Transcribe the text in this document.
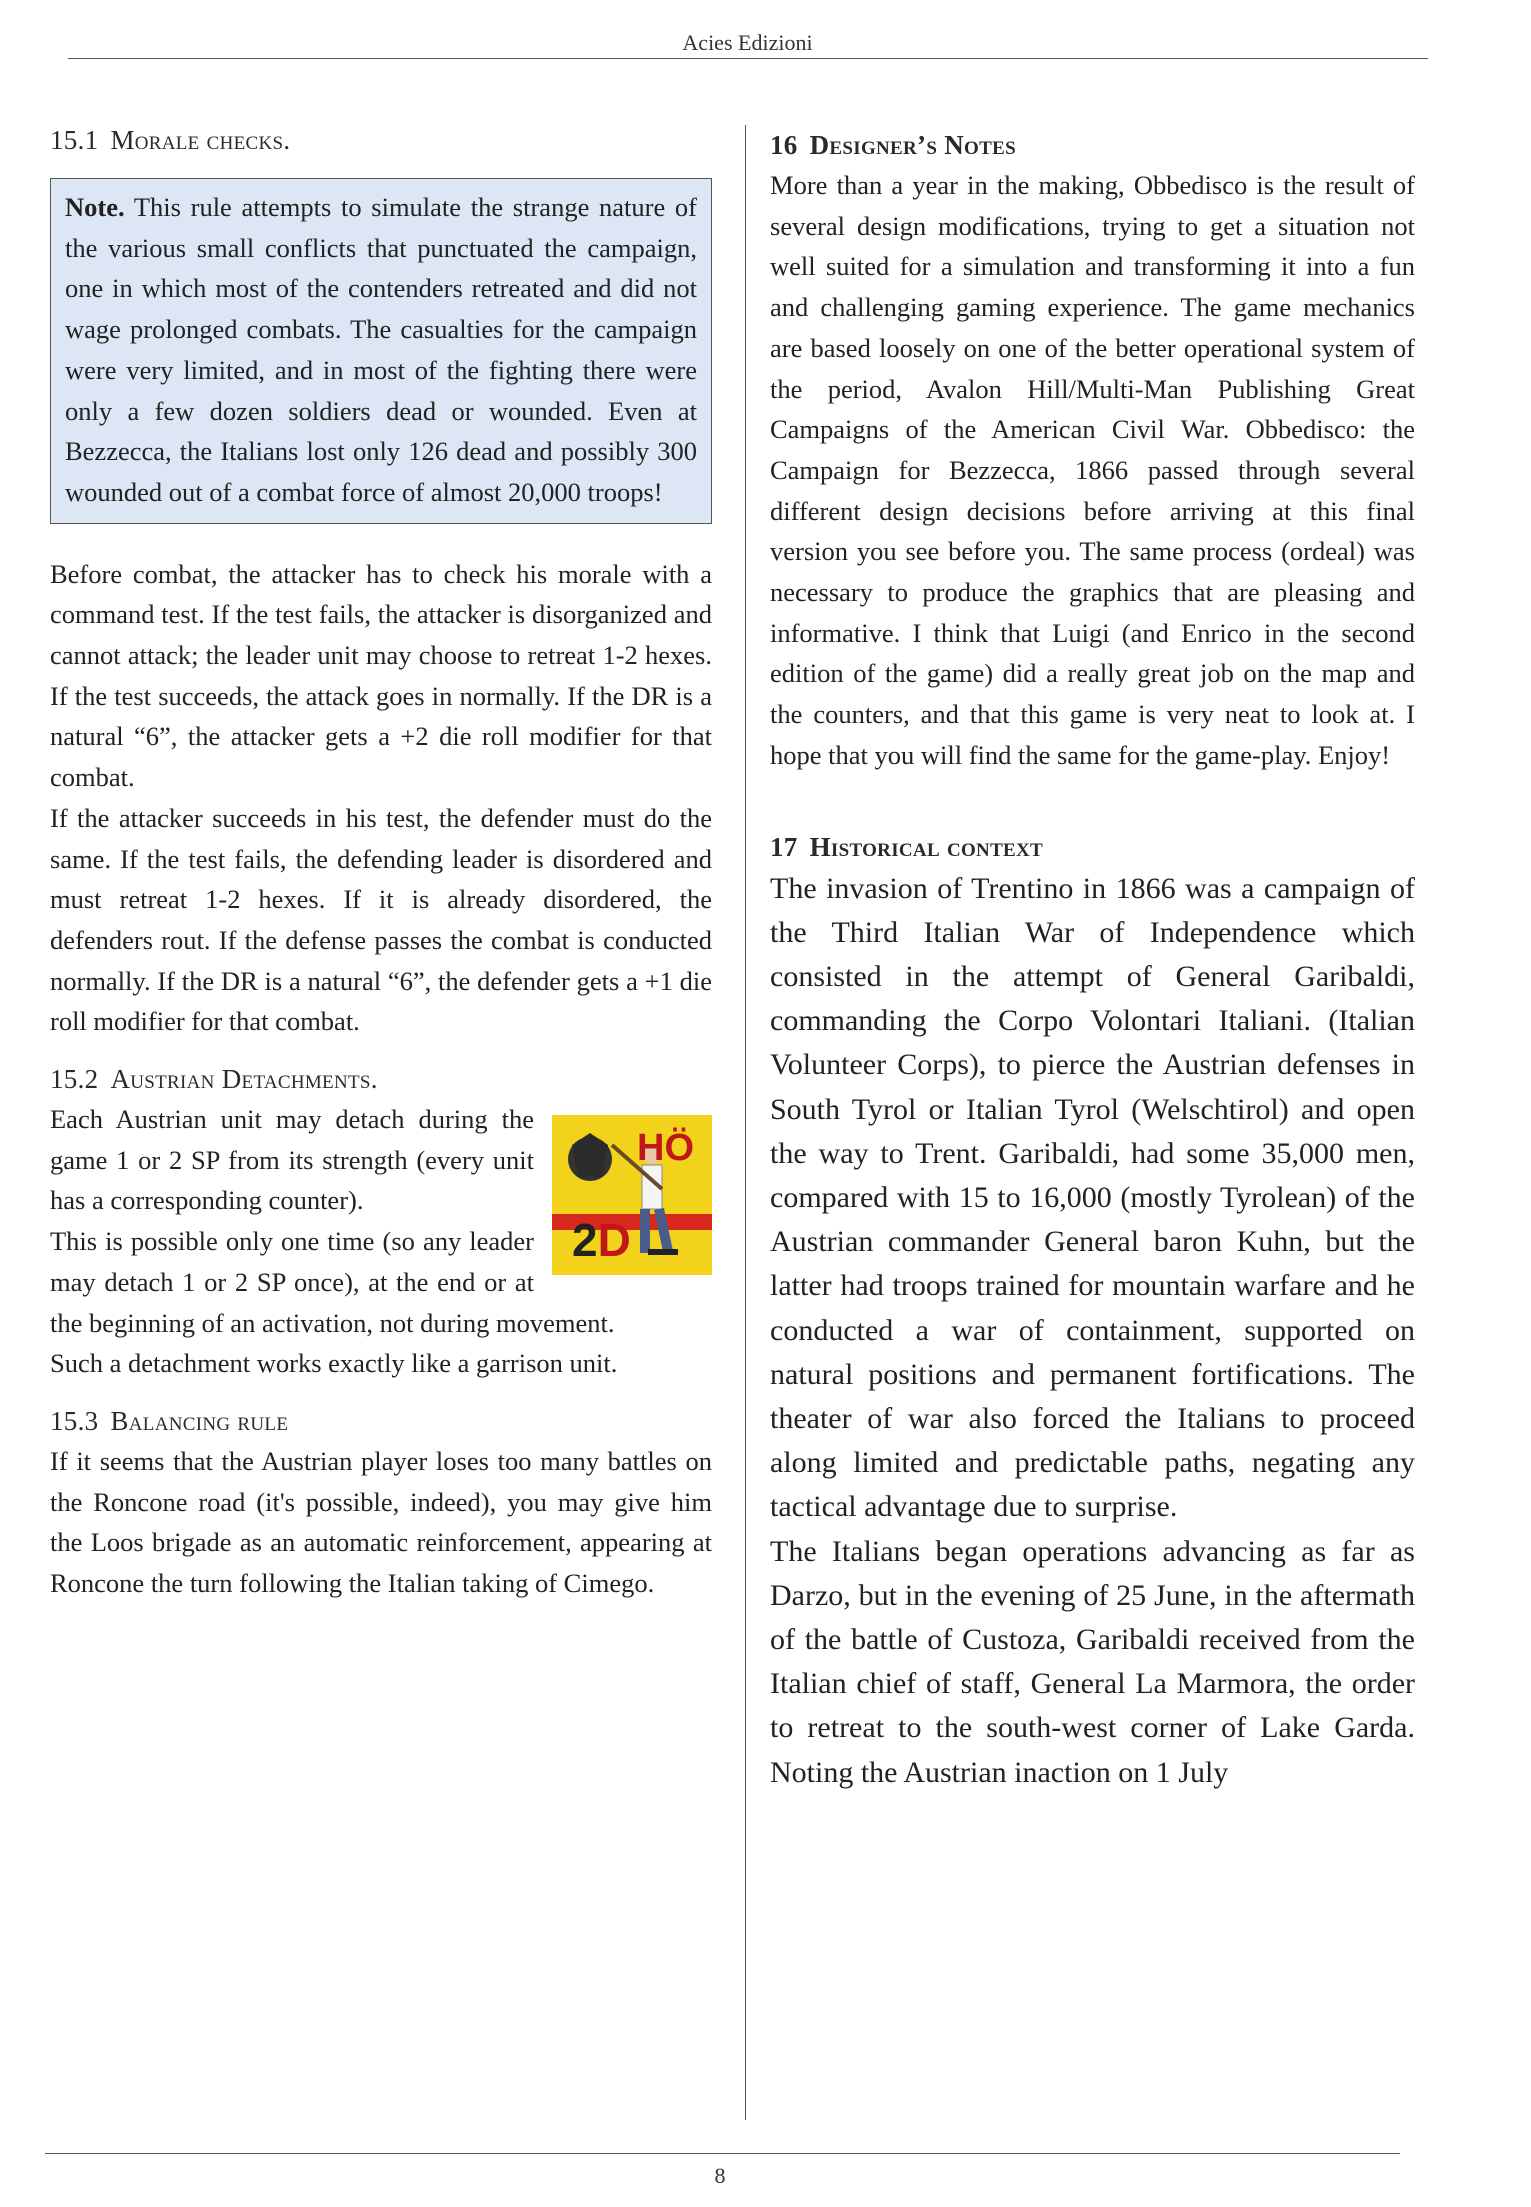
Acies Edizioni
15.1 Morale checks.
Note. This rule attempts to simulate the strange nature of the various small conflicts that punctuated the campaign, one in which most of the contenders retreated and did not wage prolonged combats. The casualties for the campaign were very limited, and in most of the fighting there were only a few dozen soldiers dead or wounded. Even at Bezzecca, the Italians lost only 126 dead and possibly 300 wounded out of a combat force of almost 20,000 troops!

Before combat, the attacker has to check his morale with a command test. If the test fails, the attacker is disorganized and cannot attack; the leader unit may choose to retreat 1-2 hexes. If the test succeeds, the attack goes in normally. If the DR is a natural “6”, the attacker gets a +2 die roll modifier for that combat.

If the attacker succeeds in his test, the defender must do the same. If the test fails, the defending leader is disordered and must retreat 1-2 hexes. If it is already disordered, the defenders rout. If the defense passes the combat is conducted normally. If the DR is a natural “6”, the defender gets a +1 die roll modifier for that combat.

15.2 Austrian Detachments.
HÖ
2D

Each Austrian unit may detach during the game 1 or 2 SP from its strength (every unit has a corresponding counter).

This is possible only one time (so any leader may detach 1 or 2 SP once), at the end or at the beginning of an activation, not during movement.

Such a detachment works exactly like a garrison unit.

15.3 Balancing rule

If it seems that the Austrian player loses too many battles on the Roncone road (it's possible, indeed), you may give him the Loos brigade as an automatic reinforcement, appearing at Roncone the turn following the Italian taking of Cimego.

16 Designer’s Notes

More than a year in the making, Obbedisco is the result of several design modifications, trying to get a situation not well suited for a simulation and transforming it into a fun and challenging gaming experience. The game mechanics are based loosely on one of the better operational system of the period, Avalon Hill/Multi-Man Publishing Great Campaigns of the American Civil War. Obbedisco: the Campaign for Bezzecca, 1866 passed through several different design decisions before arriving at this final version you see before you. The same process (ordeal) was necessary to produce the graphics that are pleasing and informative. I think that Luigi (and Enrico in the second edition of the game) did a really great job on the map and the counters, and that this game is very neat to look at. I hope that you will find the same for the game-play. Enjoy!

17 Historical context

The invasion of Trentino in 1866 was a campaign of the Third Italian War of Independence which consisted in the attempt of General Garibaldi, commanding the Corpo Volontari Italiani. (Italian Volunteer Corps), to pierce the Austrian defenses in South Tyrol or Italian Tyrol (Welschtirol) and open the way to Trent. Garibaldi, had some 35,000 men, compared with 15 to 16,000 (mostly Tyrolean) of the Austrian commander General baron Kuhn, but the latter had troops trained for mountain warfare and he conducted a war of containment, supported on natural positions and permanent fortifications. The theater of war also forced the Italians to proceed along limited and predictable paths, negating any tactical advantage due to surprise.

The Italians began operations advancing as far as Darzo, but in the evening of 25 June, in the aftermath of the battle of Custoza, Garibaldi received from the Italian chief of staff, General La Marmora, the order to retreat to the south-west corner of Lake Garda. Noting the Austrian inaction on 1 July

8
